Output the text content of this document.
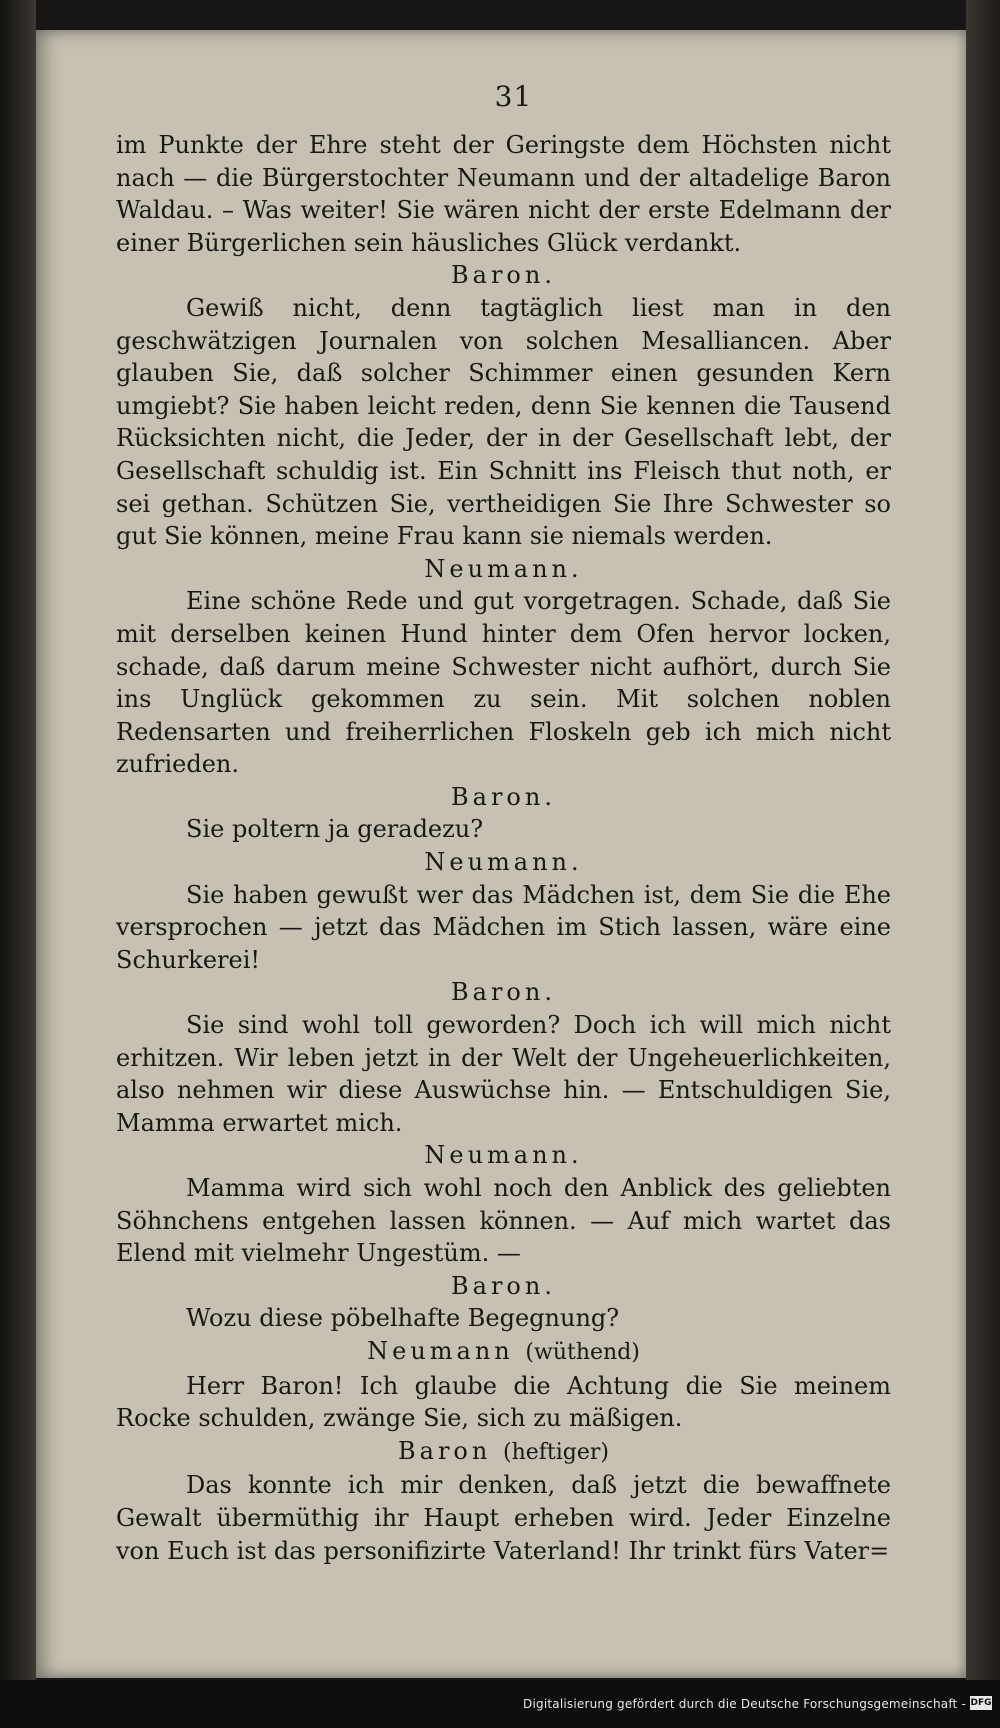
31

im Punkte der Ehre steht der Geringste dem Höchsten nicht nach — die Bürgerstochter Neumann und der altadelige Baron Waldau. – Was weiter! Sie wären nicht der erste Edelmann der einer Bürgerlichen sein häusliches Glück verdankt.

Baron.

Gewiß nicht, denn tagtäglich liest man in den geschwätzigen Journalen von solchen Mesalliancen. Aber glauben Sie, daß solcher Schimmer einen gesunden Kern umgiebt? Sie haben leicht reden, denn Sie kennen die Tausend Rücksichten nicht, die Jeder, der in der Gesellschaft lebt, der Gesellschaft schuldig ist. Ein Schnitt ins Fleisch thut noth, er sei gethan. Schützen Sie, vertheidigen Sie Ihre Schwester so gut Sie können, meine Frau kann sie niemals werden.

Neumann.

Eine schöne Rede und gut vorgetragen. Schade, daß Sie mit derselben keinen Hund hinter dem Ofen hervor locken, schade, daß darum meine Schwester nicht aufhört, durch Sie ins Unglück gekommen zu sein. Mit solchen noblen Redensarten und freiherrlichen Floskeln geb ich mich nicht zufrieden.

Baron.

Sie poltern ja geradezu?

Neumann.

Sie haben gewußt wer das Mädchen ist, dem Sie die Ehe versprochen — jetzt das Mädchen im Stich lassen, wäre eine Schurkerei!

Baron.

Sie sind wohl toll geworden? Doch ich will mich nicht erhitzen. Wir leben jetzt in der Welt der Ungeheuerlichkeiten, also nehmen wir diese Auswüchse hin. — Entschuldigen Sie, Mamma erwartet mich.

Neumann.

Mamma wird sich wohl noch den Anblick des geliebten Söhnchens entgehen lassen können. — Auf mich wartet das Elend mit vielmehr Ungestüm. —

Baron.

Wozu diese pöbelhafte Begegnung?

Neumann (wüthend)

Herr Baron! Ich glaube die Achtung die Sie meinem Rocke schulden, zwänge Sie, sich zu mäßigen.

Baron (heftiger)

Das konnte ich mir denken, daß jetzt die bewaffnete Gewalt übermüthig ihr Haupt erheben wird. Jeder Einzelne von Euch ist das personifizirte Vaterland! Ihr trinkt fürs Vater=

Digitalisierung gefördert durch die Deutsche Forschungsgemeinschaft - DFG
